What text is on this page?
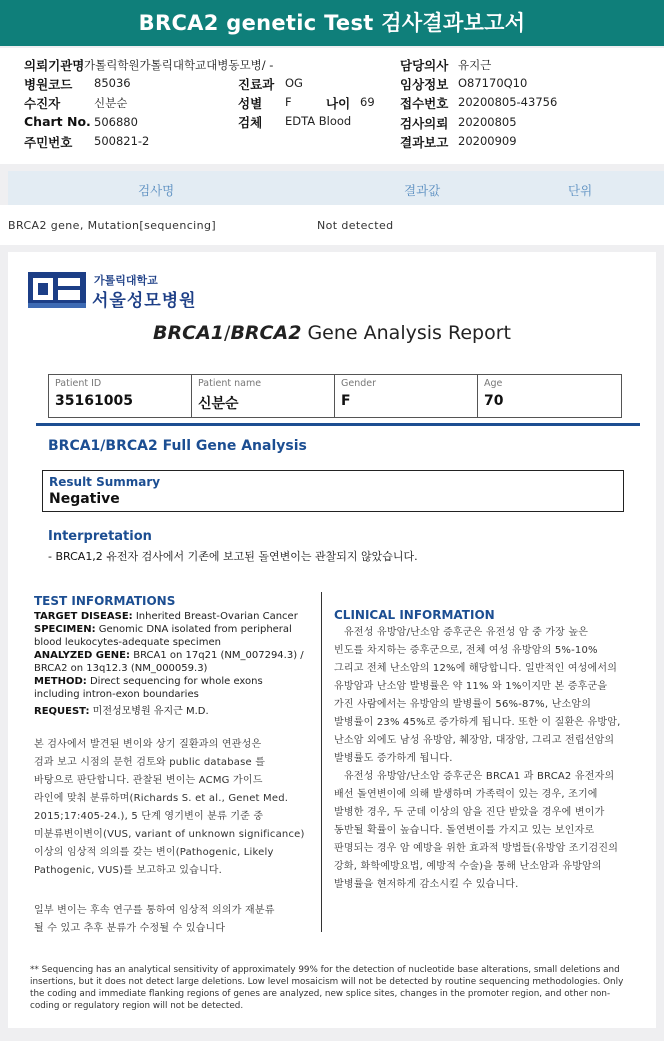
BRCA2 genetic Test 검사결과보고서
의뢰기관명 가톨릭학원가톨릭대학교대병동모병/ -
병원코드 85036	진료과 OG
수진자	신분순	성별 F	나이 69
Chart No. 506880	검체 EDTA Blood
주민번호 500821-2
담당의사 유지근
임상정보 O87170Q10
접수번호 20200805-43756
검사의뢰 20200805
결과보고 20200909
검사명	결과값	단위
BRCA2 gene, Mutation[sequencing]	Not detected
가톨릭대학교
서울성모병원
BRCA1/BRCA2 Gene Analysis Report
Patient ID
35161005
Patient name
신분순
Gender
F
Age
70
BRCA1/BRCA2 Full Gene Analysis
Result Summary
Negative
Interpretation
- BRCA1,2 유전자 검사에서 기존에 보고된 돌연변이는 관찰되지 않았습니다.
TEST INFORMATIONS
TARGET DISEASE: Inherited Breast-Ovarian Cancer
SPECIMEN: Genomic DNA isolated from peripheral
blood leukocytes-adequate specimen
ANALYZED GENE: BRCA1 on 17q21 (NM_007294.3) /
BRCA2 on 13q12.3 (NM_000059.3)
METHOD: Direct sequencing for whole exons
including intron-exon boundaries
REQUEST: 미전성모병원 유지근 M.D.
본 검사에서 발견된 변이와 상기 질환과의 연관성은
검과 보고 시점의 문헌 검토와 public database 를
바탕으로 판단합니다. 관찰된 변이는 ACMG 가이드
라인에 맞춰 분류하며(Richards S. et al., Genet Med.
2015;17:405-24.), 5 단계 영기변이 분류 기준 중
미분류변이변이(VUS, variant of unknown significance)
이상의 임상적 의의를 갖는 변이(Pathogenic, Likely
Pathogenic, VUS)를 보고하고 있습니다.
일부 변이는 후속 연구를 통하여 임상적 의의가 재분류
될 수 있고 추후 분류가 수정될 수 있습니다
CLINICAL INFORMATION
유전성 유방암/난소암 증후군은 유전성 암 중 가장 높은
빈도를 차지하는 증후군으로, 전체 여성 유방암의 5%-10%
그리고 전체 난소암의 12%에 해당합니다. 일반적인 여성에서의
유방암과 난소암 발병률은 약 11% 와 1%이지만 본 증후군을
가진 사람에서는 유방암의 발병률이 56%-87%, 난소암의
발병률이 23% 45%로 증가하게 됩니다. 또한 이 질환은 유방암,
난소암 외에도 남성 유방암, 췌장암, 대장암, 그리고 전립선암의
발병률도 증가하게 됩니다.
유전성 유방암/난소암 증후군은 BRCA1 과 BRCA2 유전자의
배선 돌연변이에 의해 발생하며 가족력이 있는 경우, 조기에
발병한 경우, 두 군데 이상의 암을 진단 받았을 경우에 변이가
동반될 확률이 높습니다. 돌연변이를 가지고 있는 보인자로
판명되는 경우 암 예방을 위한 효과적 방법들(유방암 조기검진의
강화, 화학예방요법, 예방적 수술)을 통해 난소암과 유방암의
발병률을 현저하게 감소시킬 수 있습니다.
** Sequencing has an analytical sensitivity of approximately 99% for the detection of nucleotide base alterations, small deletions and insertions, but it does not detect large deletions. Low level mosaicism will not be detected by routine sequencing methodologies. Only the coding and immediate flanking regions of genes are analyzed, new splice sites, changes in the promoter region, and other non-coding or regulatory region will not be detected.
